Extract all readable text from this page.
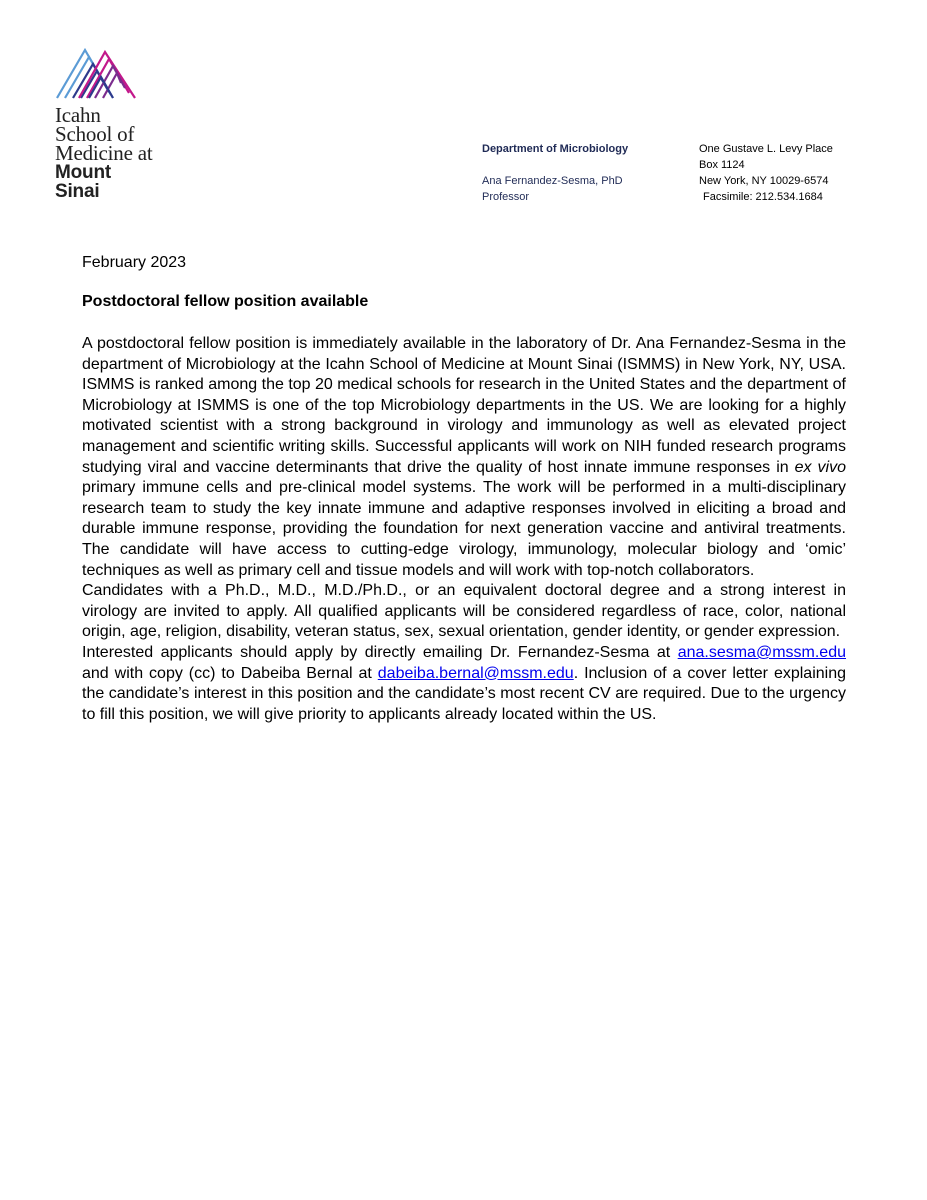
Icahn
School of
Medicine at
Mount
Sinai
Department of Microbiology
Ana Fernandez-Sesma, PhD
Professor
One Gustave L. Levy Place
Box 1124
New York, NY 10029-6574
Facsimile: 212.534.1684
February 2023
Postdoctoral fellow position available

A postdoctoral fellow position is immediately available in the laboratory of Dr. Ana Fernandez-Sesma in the department of Microbiology at the Icahn School of Medicine at Mount Sinai (ISMMS) in New York, NY, USA. ISMMS is ranked among the top 20 medical schools for research in the United States and the department of Microbiology at ISMMS is one of the top Microbiology departments in the US. We are looking for a highly motivated scientist with a strong background in virology and immunology as well as elevated project management and scientific writing skills. Successful applicants will work on NIH funded research programs studying viral and vaccine determinants that drive the quality of host innate immune responses in ex vivo primary immune cells and pre-clinical model systems. The work will be performed in a multi-disciplinary research team to study the key innate immune and adaptive responses involved in eliciting a broad and durable immune response, providing the foundation for next generation vaccine and antiviral treatments. The candidate will have access to cutting-edge virology, immunology, molecular biology and ‘omic’ techniques as well as primary cell and tissue models and will work with top-notch collaborators.

Candidates with a Ph.D., M.D., M.D./Ph.D., or an equivalent doctoral degree and a strong interest in virology are invited to apply. All qualified applicants will be considered regardless of race, color, national origin, age, religion, disability, veteran status, sex, sexual orientation, gender identity, or gender expression.

Interested applicants should apply by directly emailing Dr. Fernandez-Sesma at ana.sesma@mssm.edu and with copy (cc) to Dabeiba Bernal at dabeiba.bernal@mssm.edu. Inclusion of a cover letter explaining the candidate’s interest in this position and the candidate’s most recent CV are required. Due to the urgency to fill this position, we will give priority to applicants already located within the US.
